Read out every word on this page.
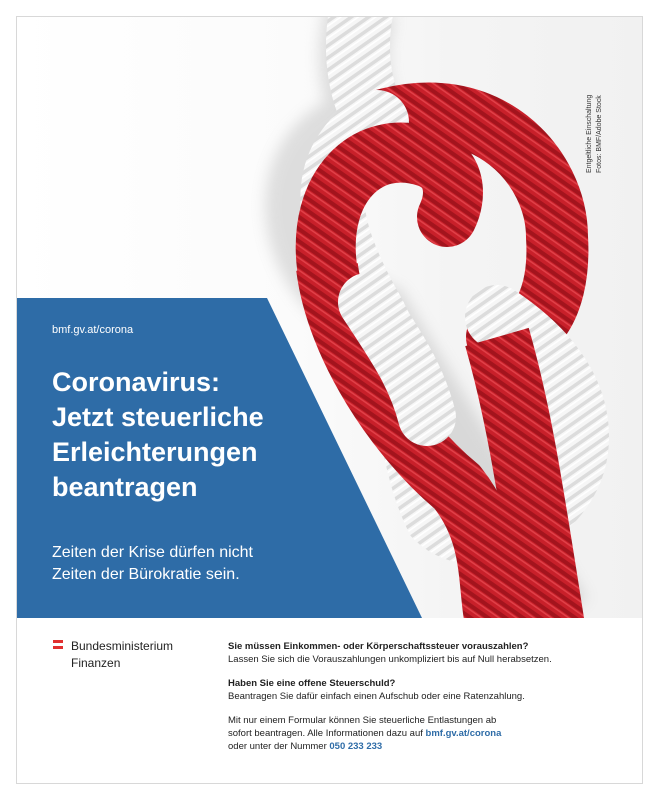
Entgeltliche Einschaltung Fotos: BMF/Adobe Stock
bmf.gv.at/corona
Coronavirus:
Jetzt steuerliche
Erleichterungen
beantragen
Zeiten der Krise dürfen nicht
Zeiten der Bürokratie sein.
Bundesministerium
Finanzen

Sie müssen Einkommen- oder Körperschaftssteuer vorauszahlen?
Lassen Sie sich die Vorauszahlungen unkompliziert bis auf Null herabsetzen.

Haben Sie eine offene Steuerschuld?
Beantragen Sie dafür einfach einen Aufschub oder eine Ratenzahlung.

Mit nur einem Formular können Sie steuerliche Entlastungen ab
sofort beantragen. Alle Informationen dazu auf bmf.gv.at/corona
oder unter der Nummer 050 233 233
